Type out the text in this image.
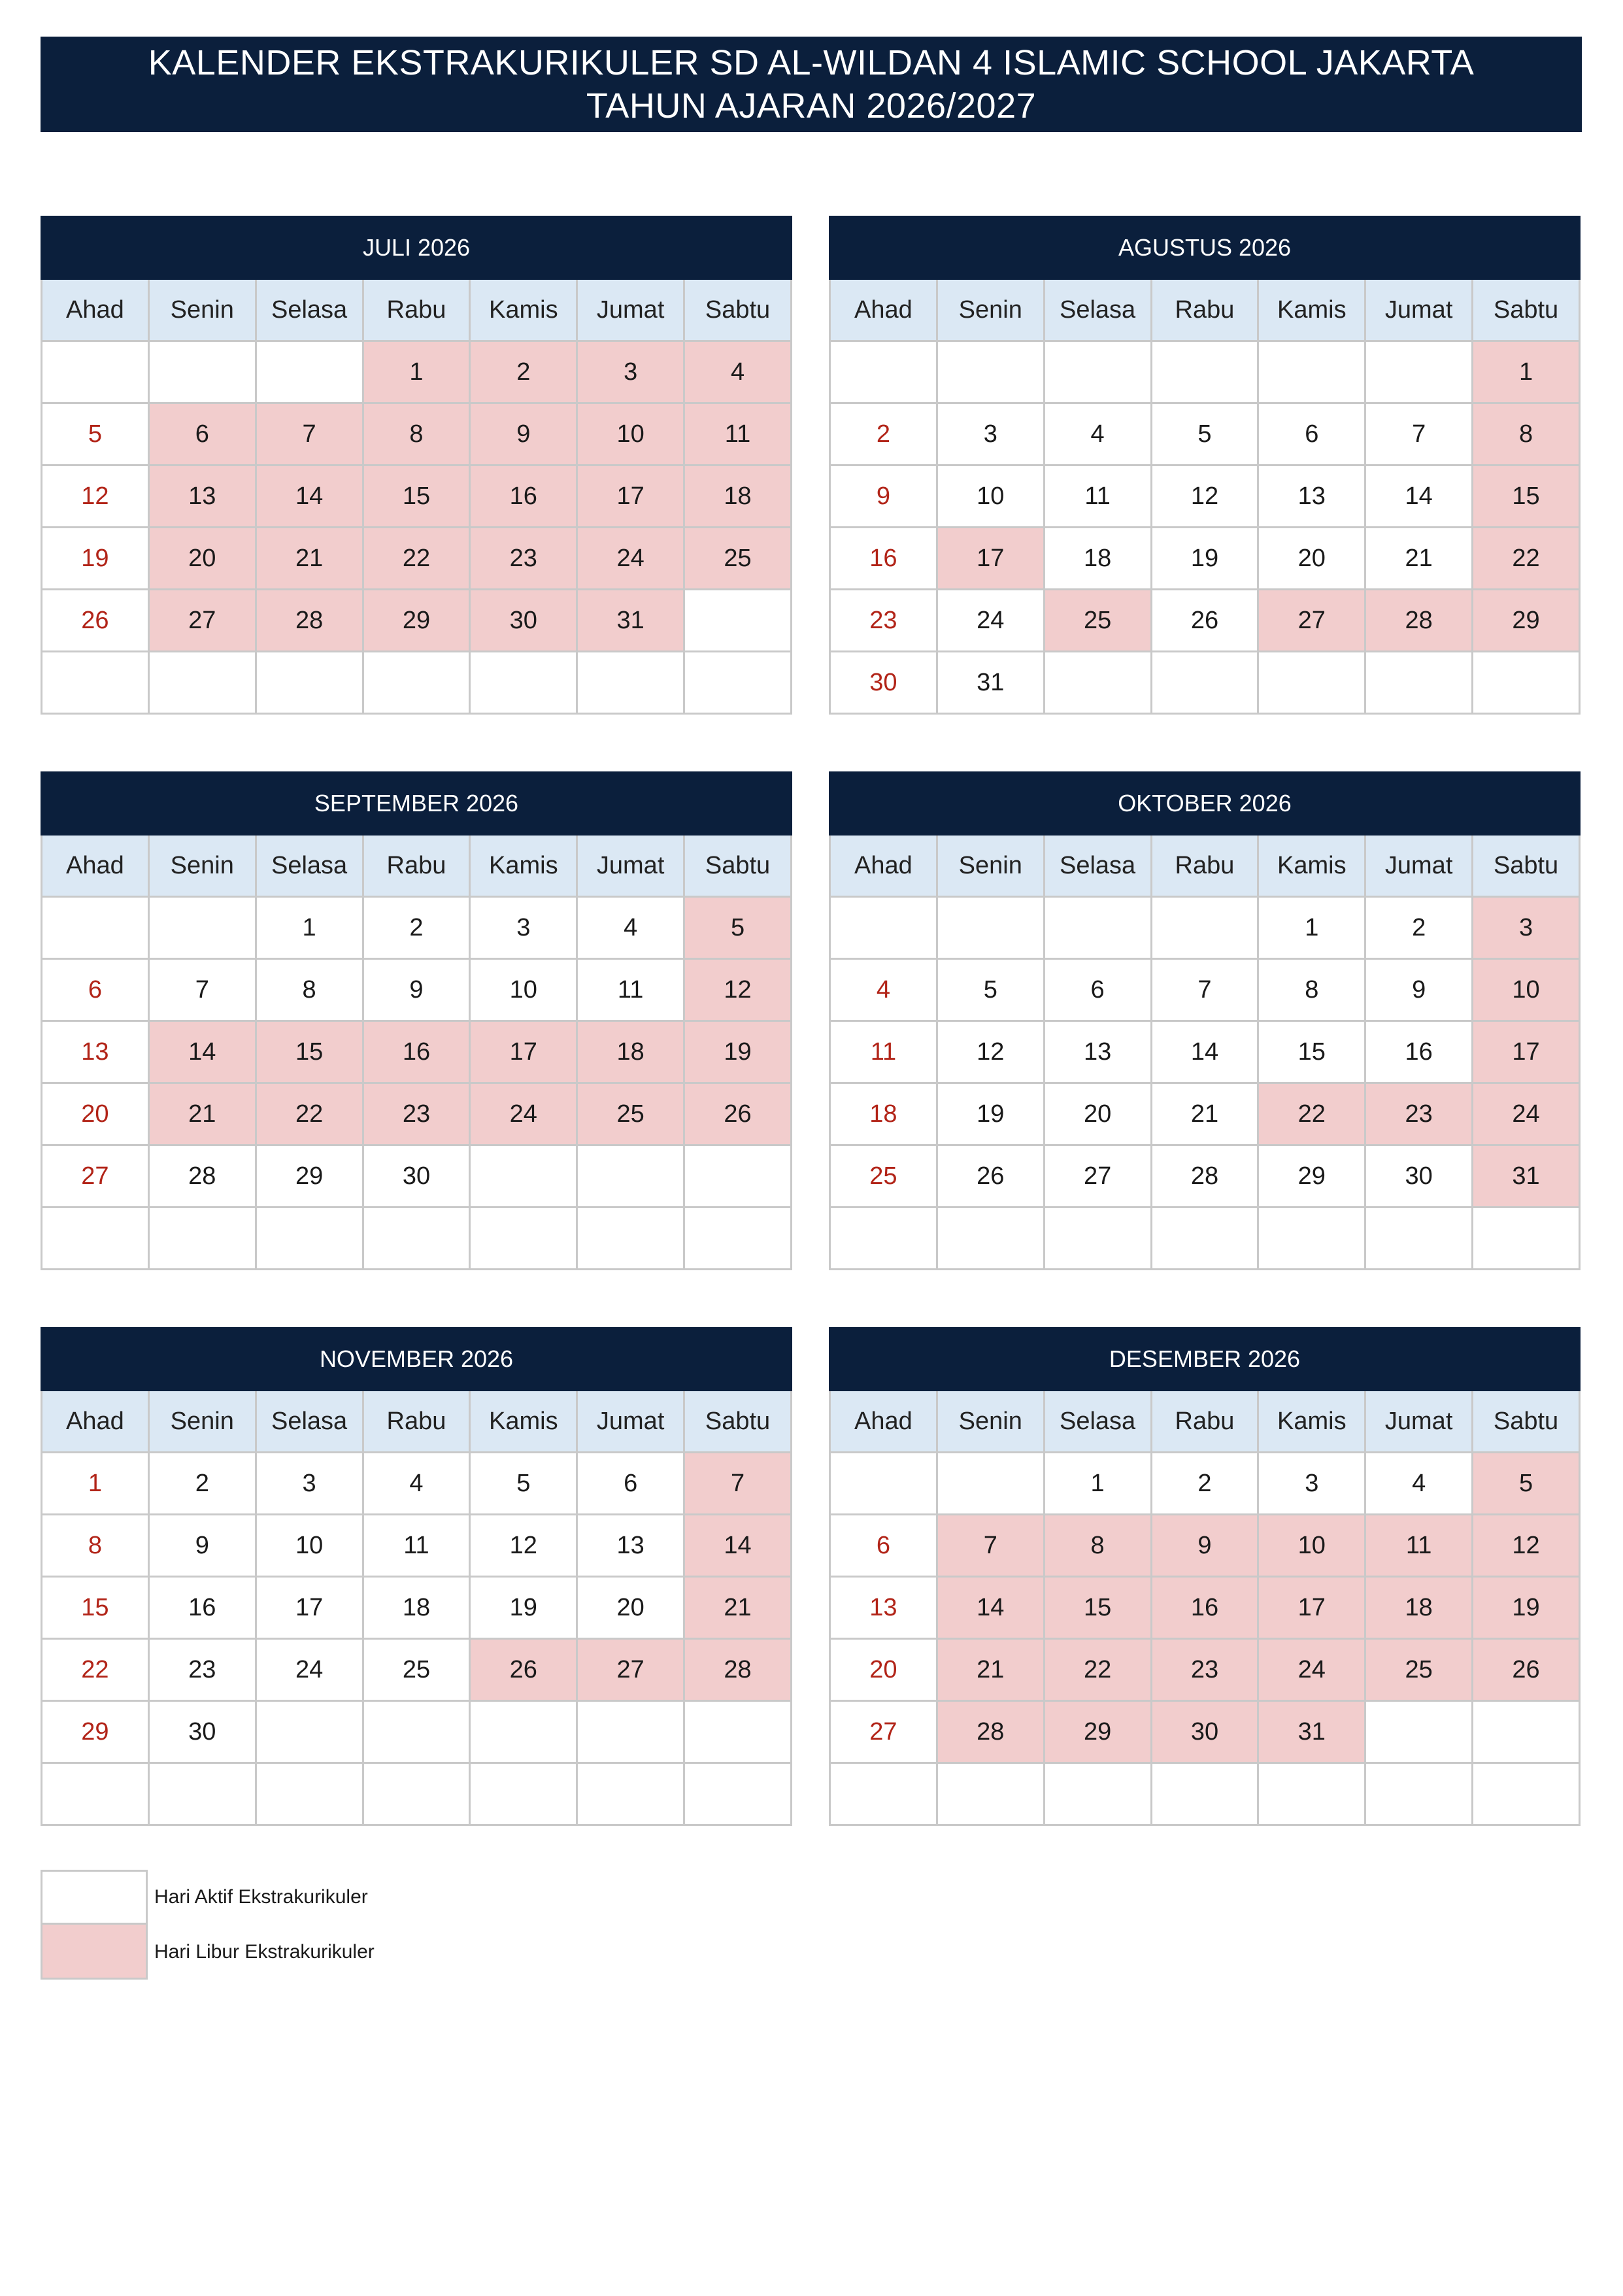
KALENDER EKSTRAKURIKULER SD AL-WILDAN 4 ISLAMIC SCHOOL JAKARTA
TAHUN AJARAN 2026/2027
JULI 2026						
Ahad	Senin	Selasa	Rabu	Kamis	Jumat	Sabtu
			1	2	3	4
5	6	7	8	9	10	11
12	13	14	15	16	17	18
19	20	21	22	23	24	25
26	27	28	29	30	31	

AGUSTUS 2026						
Ahad	Senin	Selasa	Rabu	Kamis	Jumat	Sabtu
						1
2	3	4	5	6	7	8
9	10	11	12	13	14	15
16	17	18	19	20	21	22
23	24	25	26	27	28	29
30	31					
SEPTEMBER 2026						
Ahad	Senin	Selasa	Rabu	Kamis	Jumat	Sabtu
		1	2	3	4	5
6	7	8	9	10	11	12
13	14	15	16	17	18	19
20	21	22	23	24	25	26
27	28	29	30			

OKTOBER 2026						
Ahad	Senin	Selasa	Rabu	Kamis	Jumat	Sabtu
				1	2	3
4	5	6	7	8	9	10
11	12	13	14	15	16	17
18	19	20	21	22	23	24
25	26	27	28	29	30	31

NOVEMBER 2026						
Ahad	Senin	Selasa	Rabu	Kamis	Jumat	Sabtu
1	2	3	4	5	6	7
8	9	10	11	12	13	14
15	16	17	18	19	20	21
22	23	24	25	26	27	28
29	30					

DESEMBER 2026						
Ahad	Senin	Selasa	Rabu	Kamis	Jumat	Sabtu
		1	2	3	4	5
6	7	8	9	10	11	12
13	14	15	16	17	18	19
20	21	22	23	24	25	26
27	28	29	30	31		

Hari Aktif Ekstrakurikuler
Hari Libur Ekstrakurikuler
